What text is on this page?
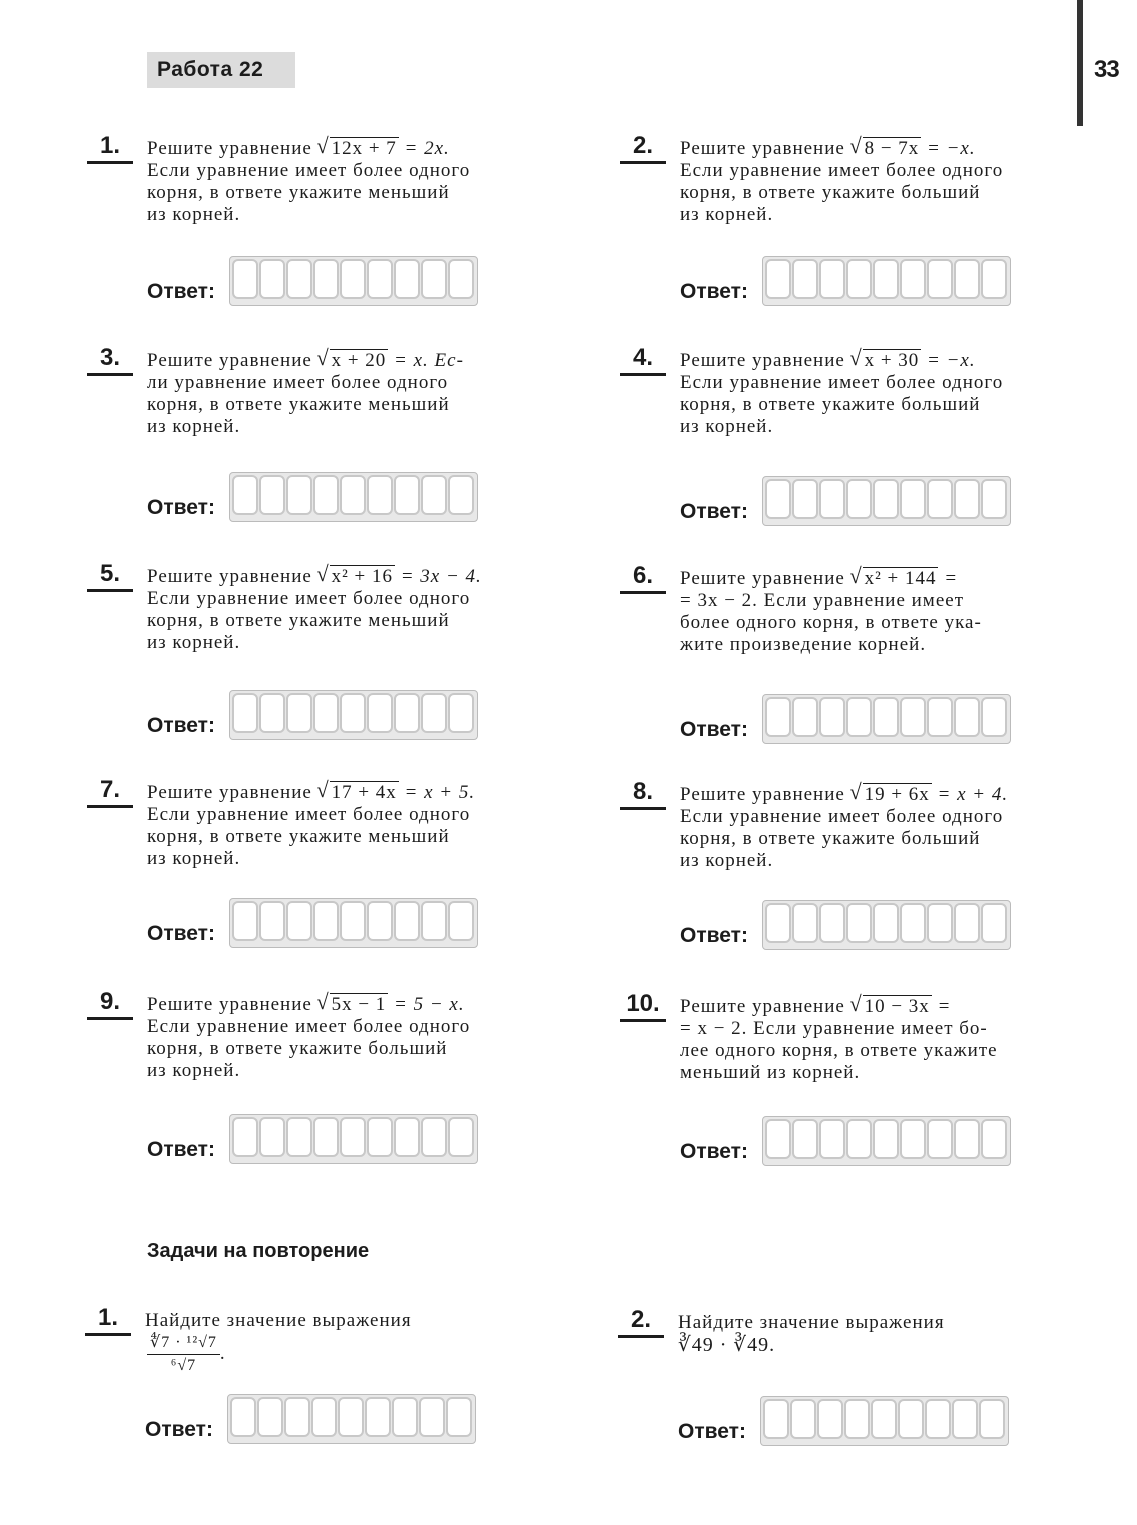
Работа 22	33
1.	Решите уравнение √ 12x + 7 = 2x.
Если уравнение имеет более одного
корня, в ответе укажите меньший
из корней.
Ответ:
2.	Решите уравнение √ 8 − 7x = −x.
Если уравнение имеет более одного
корня, в ответе укажите больший
из корней.
Ответ:
3.	Решите уравнение √ x + 20 = x. Ес-
ли уравнение имеет более одного
корня, в ответе укажите меньший
из корней.
Ответ:
4.	Решите уравнение √ x + 30 = −x.
Если уравнение имеет более одного
корня, в ответе укажите больший
из корней.
Ответ:
5.	Решите уравнение √ x² + 16 = 3x − 4.
Если уравнение имеет более одного
корня, в ответе укажите меньший
из корней.
Ответ:
6.	Решите уравнение √ x² + 144 =
= 3x − 2. Если уравнение имеет
более одного корня, в ответе ука-
жите произведение корней.
Ответ:
7.	Решите уравнение √ 17 + 4x = x + 5.
Если уравнение имеет более одного
корня, в ответе укажите меньший
из корней.
Ответ:
8.	Решите уравнение √ 19 + 6x = x + 4.
Если уравнение имеет более одного
корня, в ответе укажите больший
из корней.
Ответ:
9.	Решите уравнение √ 5x − 1 = 5 − x.
Если уравнение имеет более одного
корня, в ответе укажите больший
из корней.
Ответ:
10.	Решите уравнение √ 10 − 3x =
= x − 2. Если уравнение имеет бо-
лее одного корня, в ответе укажите
меньший из корней.
Ответ:
Задачи на повторение
1.	Найдите значение выражения
$\frac{\text{∜7 · ¹²√7}}{\text{⁶√7}}$ .
Ответ:
2.	Найдите значение выражения
∛49 · ∛49.
Ответ:
